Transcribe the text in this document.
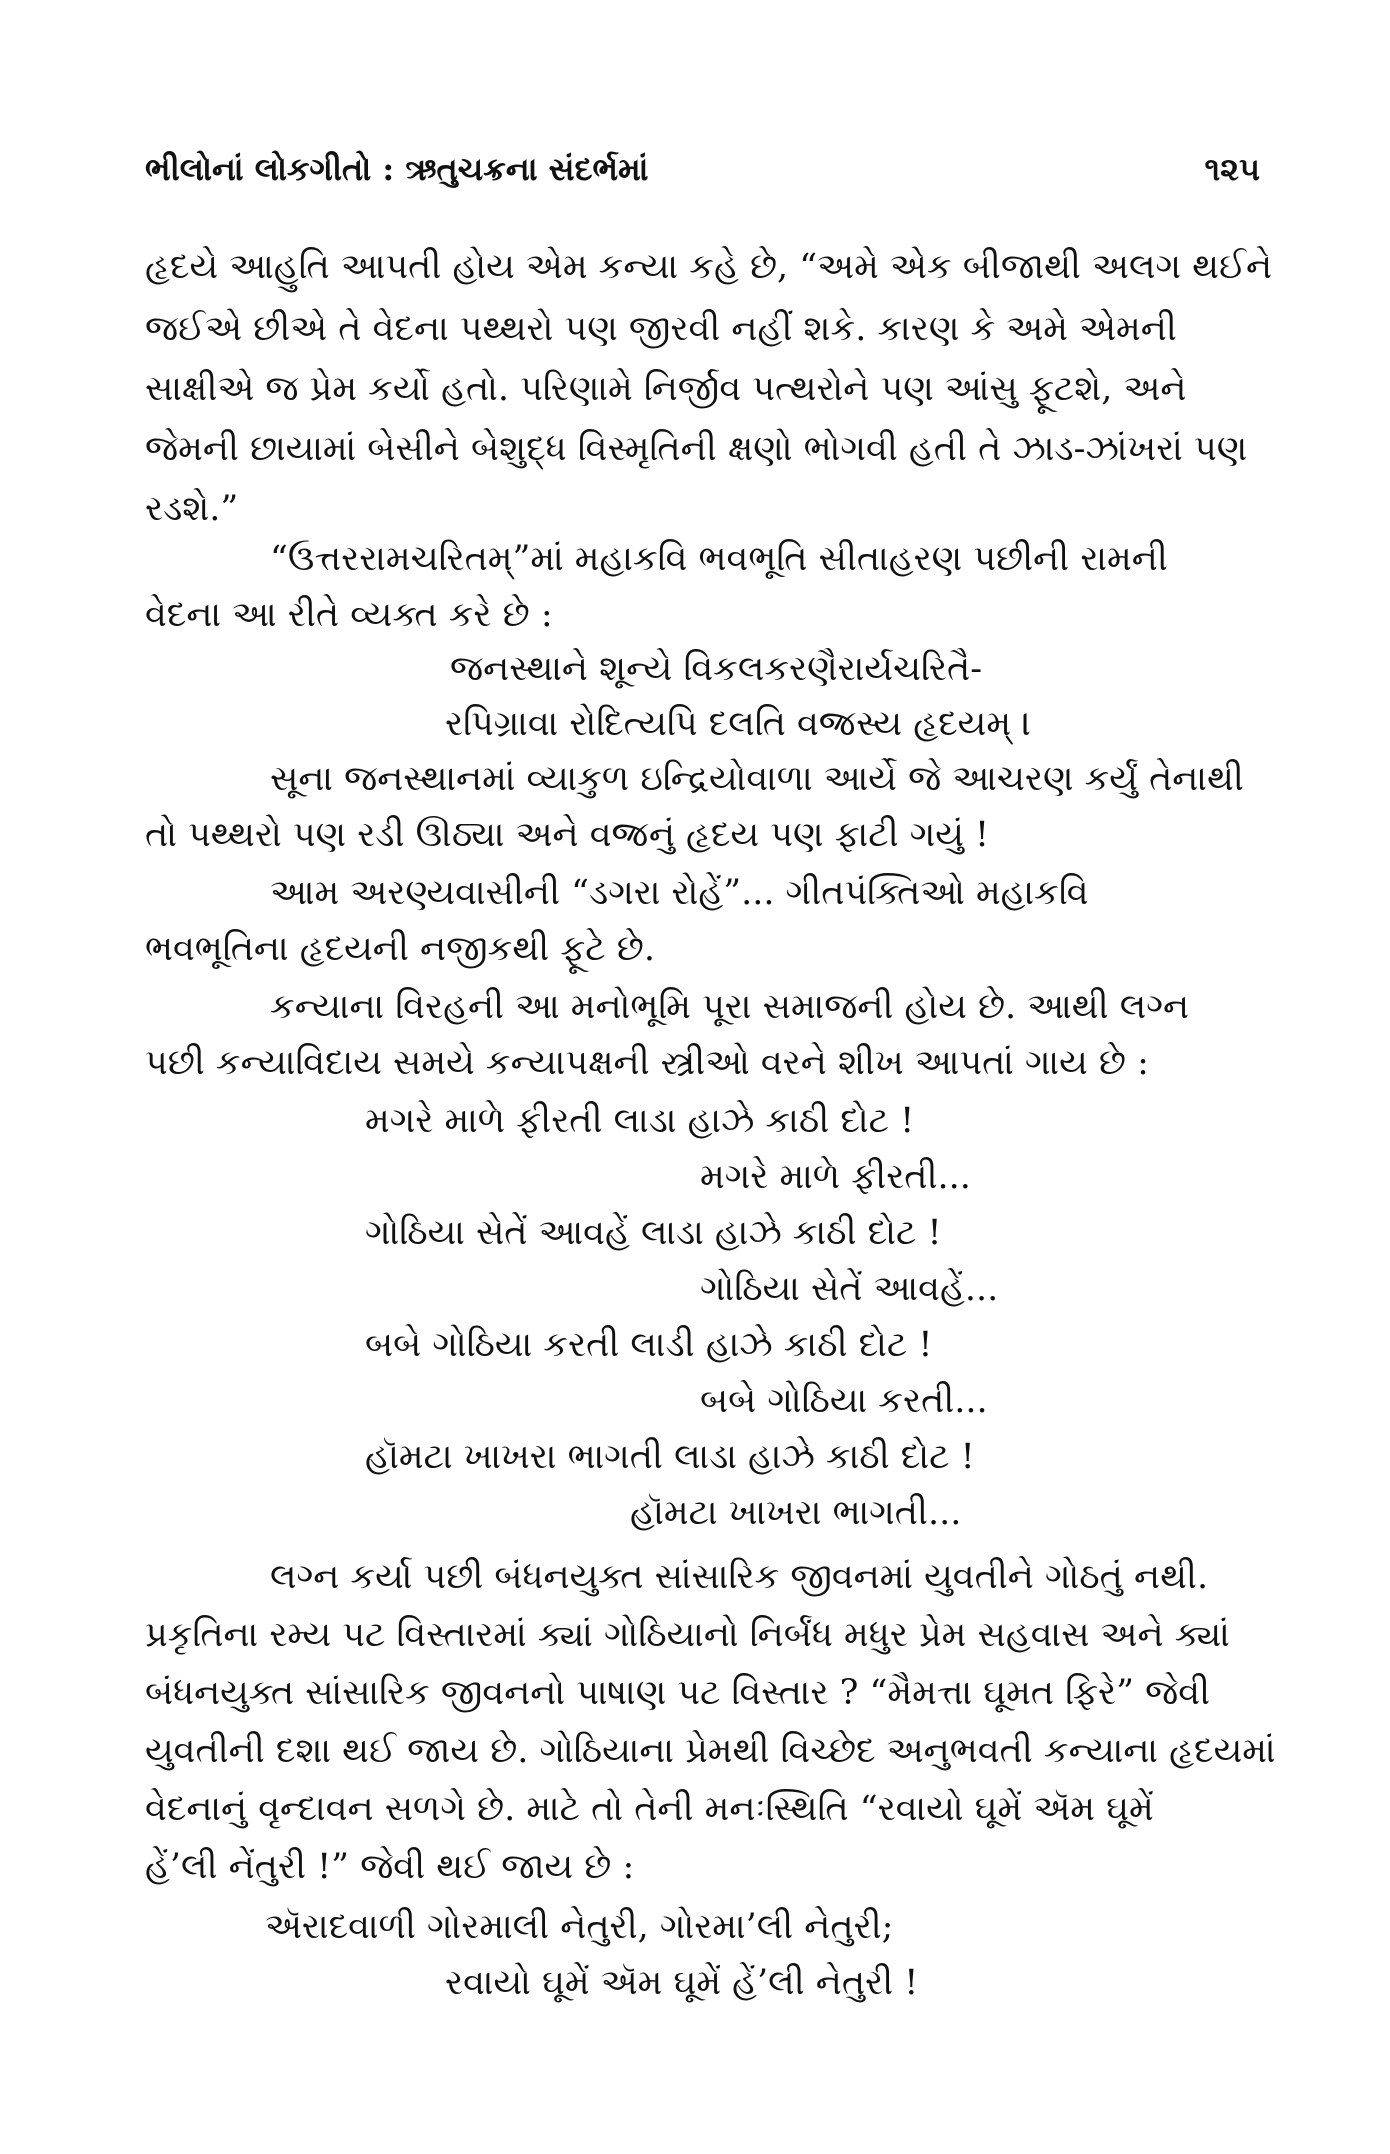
ભીલોનાં લોકગીતો : ઋતુચક્રના સંદર્ભમાં	૧૨૫
હૃદયે આહુતિ આપતી હોય એમ કન્યા કહે છે, “અમે એક બીજાથી અલગ થઈને
જઈએ છીએ તે વેદના પથ્થરો પણ જીરવી નહીં શકે. કારણ કે અમે એમની
સાક્ષીએ જ પ્રેમ કર્યો હતો. પરિણામે નિર્જીવ પત્થરોને પણ આંસુ ફૂટશે, અને
જેમની છાયામાં બેસીને બેશુદ્ધ વિસ્મૃતિની ક્ષણો ભોગવી હતી તે ઝાડ-ઝાંખરાં પણ
રડશે.”
“ઉત્તરરામચરિતમ્”માં મહાકવિ ભવભૂતિ સીતાહરણ પછીની રામની
વેદના આ રીતે વ્યક્ત કરે છે :
જનસ્થાને શૂન્યે વિકલકરણૈરાર્યચરિતૈ-
રપિગ્રાવા રોદિત્યપિ દલતિ વજ્રસ્ય હૃદયમ્ ।
સૂના જનસ્થાનમાં વ્યાકુળ ઇન્દ્રિયોવાળા આર્યે જે આચરણ કર્યું તેનાથી
તો પથ્થરો પણ રડી ઊઠ્યા અને વજ્રનું હૃદય પણ ફાટી ગયું !
આમ અરણ્યવાસીની “ડગરા રોહેં”... ગીતપંક્તિઓ મહાકવિ
ભવભૂતિના હૃદયની નજીકથી ફૂટે છે.
કન્યાના વિરહની આ મનોભૂમિ પૂરા સમાજની હોય છે. આથી લગ્ન
પછી કન્યાવિદાય સમયે કન્યાપક્ષની સ્ત્રીઓ વરને શીખ આપતાં ગાય છે :
મગરે માળે ફીરતી લાડા હાઝે કાઠી દોટ !
મગરે માળે ફીરતી...
ગોઠિયા સેતેં આવહેં લાડા હાઝે કાઠી દોટ !
ગોઠિયા સેતેં આવહેં...
બબે ગોઠિયા કરતી લાડી હાઝે કાઠી દોટ !
બબે ગોઠિયા કરતી...
હૉમટા ખાખરા ભાગતી લાડા હાઝે કાઠી દોટ !
હૉમટા ખાખરા ભાગતી...
લગ્ન કર્યા પછી બંધનયુક્ત સાંસારિક જીવનમાં યુવતીને ગોઠતું નથી.
પ્રકૃતિના રમ્ય પટ વિસ્તારમાં ક્યાં ગોઠિયાનો નિર્બંધ મધુર પ્રેમ સહવાસ અને ક્યાં
બંધનયુક્ત સાંસારિક જીવનનો પાષાણ પટ વિસ્તાર ? “મૈમત્તા ઘૂમત ફિરે” જેવી
યુવતીની દશા થઈ જાય છે. ગોઠિયાના પ્રેમથી વિચ્છેદ અનુભવતી કન્યાના હૃદયમાં
વેદનાનું વૃન્દાવન સળગે છે. માટે તો તેની મનઃસ્થિતિ “રવાયો ઘૂમેં ઍમ ઘૂમેં
હેં’લી નેંતુરી !” જેવી થઈ જાય છે :
ઍરાદવાળી ગોરમાલી નેતુરી, ગોરમા’લી નેતુરી;
રવાયો ઘૂમેં ઍમ ઘૂમેં હેં’લી નેતુરી !
